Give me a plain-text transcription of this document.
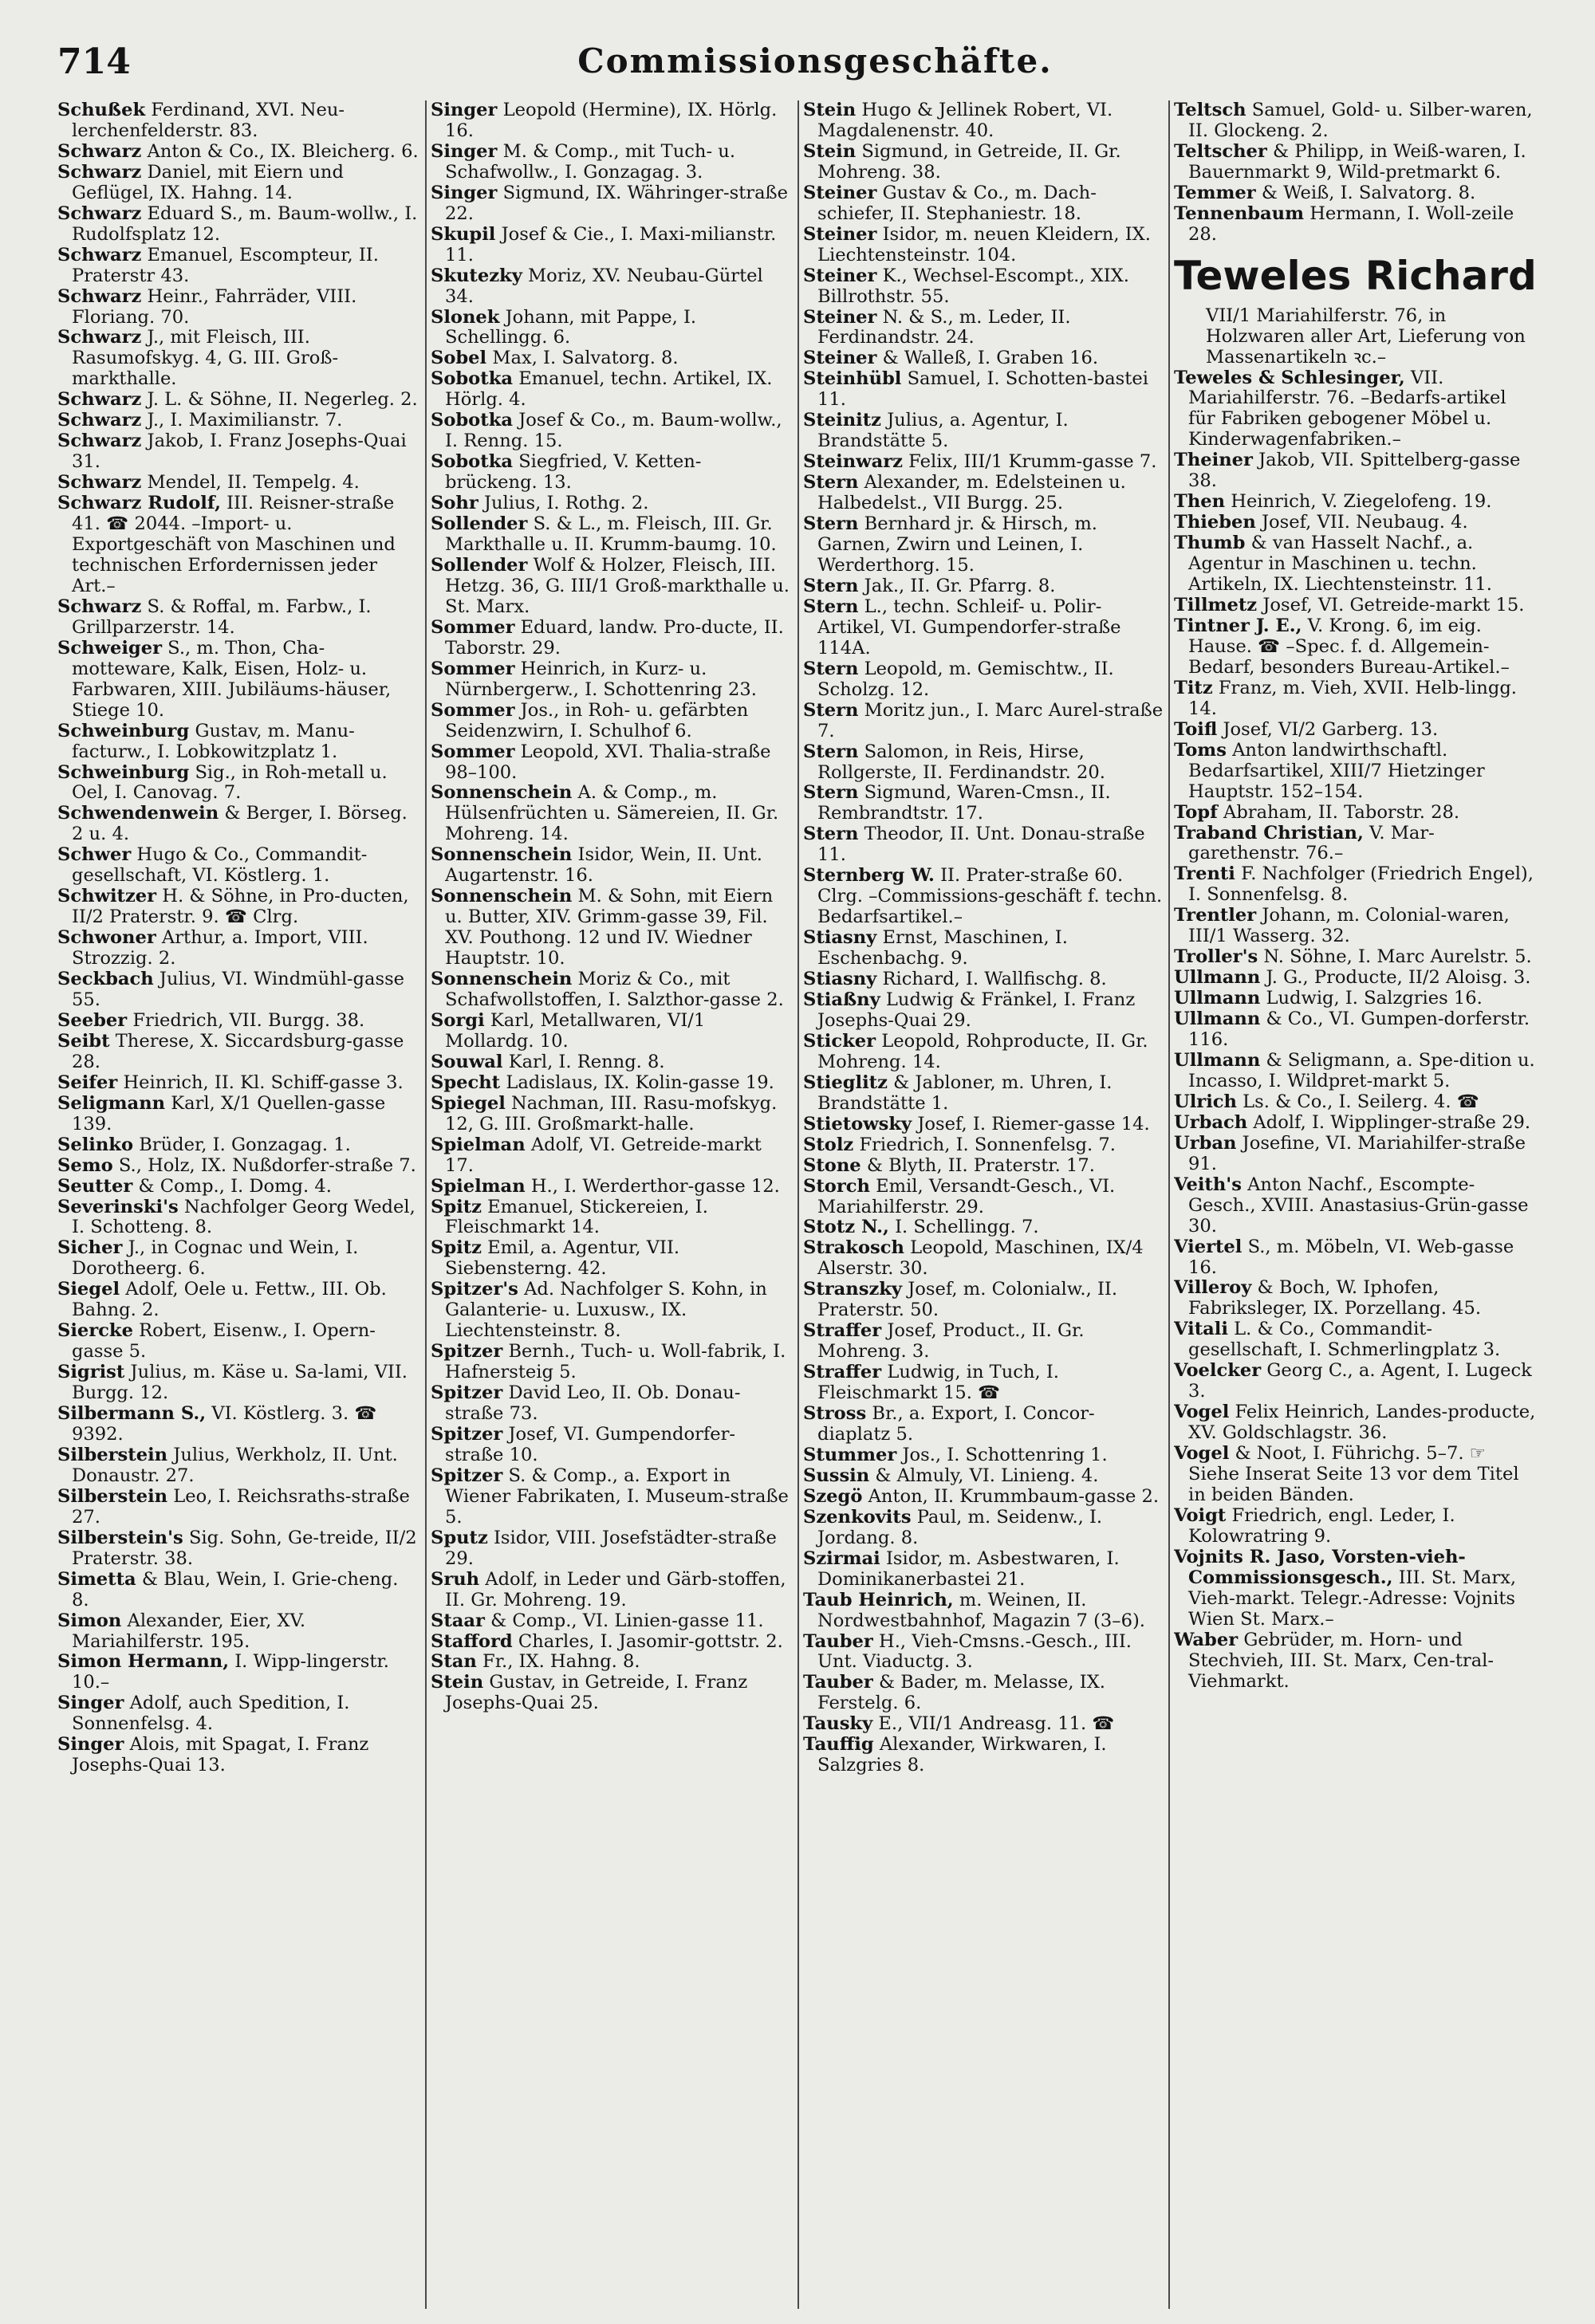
714	Commissionsgeschäfte.

Schußek Ferdinand, XVI. Neu-lerchenfelderstr. 83.

Schwarz Anton & Co., IX. Bleicherg. 6.

Schwarz Daniel, mit Eiern und Geflügel, IX. Hahng. 14.

Schwarz Eduard S., m. Baum-wollw., I. Rudolfsplatz 12.

Schwarz Emanuel, Escompteur, II. Praterstr 43.

Schwarz Heinr., Fahrräder, VIII. Floriang. 70.

Schwarz J., mit Fleisch, III. Rasumofskyg. 4, G. III. Groß-markthalle.

Schwarz J. L. & Söhne, II. Negerleg. 2.

Schwarz J., I. Maximilianstr. 7.

Schwarz Jakob, I. Franz Josephs-Quai 31.

Schwarz Mendel, II. Tempelg. 4.

Schwarz Rudolf, III. Reisner-straße 41. ☎ 2044. –Import- u. Exportgeschäft von Maschinen und technischen Erfordernissen jeder Art.–

Schwarz S. & Roffal, m. Farbw., I. Grillparzerstr. 14.

Schweiger S., m. Thon, Cha-motteware, Kalk, Eisen, Holz- u. Farbwaren, XIII. Jubiläums-häuser, Stiege 10.

Schweinburg Gustav, m. Manu-facturw., I. Lobkowitzplatz 1.

Schweinburg Sig., in Roh-metall u. Oel, I. Canovag. 7.

Schwendenwein & Berger, I. Börseg. 2 u. 4.

Schwer Hugo & Co., Commandit-gesellschaft, VI. Köstlerg. 1.

Schwitzer H. & Söhne, in Pro-ducten, II/2 Praterstr. 9. ☎ Clrg.

Schwoner Arthur, a. Import, VIII. Strozzig. 2.

Seckbach Julius, VI. Windmühl-gasse 55.

Seeber Friedrich, VII. Burgg. 38.

Seibt Therese, X. Siccardsburg-gasse 28.

Seifer Heinrich, II. Kl. Schiff-gasse 3.

Seligmann Karl, X/1 Quellen-gasse 139.

Selinko Brüder, I. Gonzagag. 1.

Semo S., Holz, IX. Nußdorfer-straße 7.

Seutter & Comp., I. Domg. 4.

Severinski's Nachfolger Georg Wedel, I. Schotteng. 8.

Sicher J., in Cognac und Wein, I. Dorotheerg. 6.

Siegel Adolf, Oele u. Fettw., III. Ob. Bahng. 2.

Siercke Robert, Eisenw., I. Opern-gasse 5.

Sigrist Julius, m. Käse u. Sa-lami, VII. Burgg. 12.

Silbermann S., VI. Köstlerg. 3. ☎ 9392.

Silberstein Julius, Werkholz, II. Unt. Donaustr. 27.

Silberstein Leo, I. Reichsraths-straße 27.

Silberstein's Sig. Sohn, Ge-treide, II/2 Praterstr. 38.

Simetta & Blau, Wein, I. Grie-cheng. 8.

Simon Alexander, Eier, XV. Mariahilferstr. 195.

Simon Hermann, I. Wipp-lingerstr. 10.–

Singer Adolf, auch Spedition, I. Sonnenfelsg. 4.

Singer Alois, mit Spagat, I. Franz Josephs-Quai 13.

Singer Leopold (Hermine), IX. Hörlg. 16.

Singer M. & Comp., mit Tuch- u. Schafwollw., I. Gonzagag. 3.

Singer Sigmund, IX. Währinger-straße 22.

Skupil Josef & Cie., I. Maxi-milianstr. 11.

Skutezky Moriz, XV. Neubau-Gürtel 34.

Slonek Johann, mit Pappe, I. Schellingg. 6.

Sobel Max, I. Salvatorg. 8.

Sobotka Emanuel, techn. Artikel, IX. Hörlg. 4.

Sobotka Josef & Co., m. Baum-wollw., I. Renng. 15.

Sobotka Siegfried, V. Ketten-brückeng. 13.

Sohr Julius, I. Rothg. 2.

Sollender S. & L., m. Fleisch, III. Gr. Markthalle u. II. Krumm-baumg. 10.

Sollender Wolf & Holzer, Fleisch, III. Hetzg. 36, G. III/1 Groß-markthalle u. St. Marx.

Sommer Eduard, landw. Pro-ducte, II. Taborstr. 29.

Sommer Heinrich, in Kurz- u. Nürnbergerw., I. Schottenring 23.

Sommer Jos., in Roh- u. gefärbten Seidenzwirn, I. Schulhof 6.

Sommer Leopold, XVI. Thalia-straße 98–100.

Sonnenschein A. & Comp., m. Hülsenfrüchten u. Sämereien, II. Gr. Mohreng. 14.

Sonnenschein Isidor, Wein, II. Unt. Augartenstr. 16.

Sonnenschein M. & Sohn, mit Eiern u. Butter, XIV. Grimm-gasse 39, Fil. XV. Pouthong. 12 und IV. Wiedner Hauptstr. 10.

Sonnenschein Moriz & Co., mit Schafwollstoffen, I. Salzthor-gasse 2.

Sorgi Karl, Metallwaren, VI/1 Mollardg. 10.

Souwal Karl, I. Renng. 8.

Specht Ladislaus, IX. Kolin-gasse 19.

Spiegel Nachman, III. Rasu-mofskyg. 12, G. III. Großmarkt-halle.

Spielman Adolf, VI. Getreide-markt 17.

Spielman H., I. Werderthor-gasse 12.

Spitz Emanuel, Stickereien, I. Fleischmarkt 14.

Spitz Emil, a. Agentur, VII. Siebensterng. 42.

Spitzer's Ad. Nachfolger S. Kohn, in Galanterie- u. Luxusw., IX. Liechtensteinstr. 8.

Spitzer Bernh., Tuch- u. Woll-fabrik, I. Hafnersteig 5.

Spitzer David Leo, II. Ob. Donau-straße 73.

Spitzer Josef, VI. Gumpendorfer-straße 10.

Spitzer S. & Comp., a. Export in Wiener Fabrikaten, I. Museum-straße 5.

Sputz Isidor, VIII. Josefstädter-straße 29.

Sruh Adolf, in Leder und Gärb-stoffen, II. Gr. Mohreng. 19.

Staar & Comp., VI. Linien-gasse 11.

Stafford Charles, I. Jasomir-gottstr. 2.

Stan Fr., IX. Hahng. 8.

Stein Gustav, in Getreide, I. Franz Josephs-Quai 25.

Stein Hugo & Jellinek Robert, VI. Magdalenenstr. 40.

Stein Sigmund, in Getreide, II. Gr. Mohreng. 38.

Steiner Gustav & Co., m. Dach-schiefer, II. Stephaniestr. 18.

Steiner Isidor, m. neuen Kleidern, IX. Liechtensteinstr. 104.

Steiner K., Wechsel-Escompt., XIX. Billrothstr. 55.

Steiner N. & S., m. Leder, II. Ferdinandstr. 24.

Steiner & Walleß, I. Graben 16.

Steinhübl Samuel, I. Schotten-bastei 11.

Steinitz Julius, a. Agentur, I. Brandstätte 5.

Steinwarz Felix, III/1 Krumm-gasse 7.

Stern Alexander, m. Edelsteinen u. Halbedelst., VII Burgg. 25.

Stern Bernhard jr. & Hirsch, m. Garnen, Zwirn und Leinen, I. Werderthorg. 15.

Stern Jak., II. Gr. Pfarrg. 8.

Stern L., techn. Schleif- u. Polir-Artikel, VI. Gumpendorfer-straße 114A.

Stern Leopold, m. Gemischtw., II. Scholzg. 12.

Stern Moritz jun., I. Marc Aurel-straße 7.

Stern Salomon, in Reis, Hirse, Rollgerste, II. Ferdinandstr. 20.

Stern Sigmund, Waren-Cmsn., II. Rembrandtstr. 17.

Stern Theodor, II. Unt. Donau-straße 11.

Sternberg W. II. Prater-straße 60. Clrg. –Commissions-geschäft f. techn. Bedarfsartikel.–

Stiasny Ernst, Maschinen, I. Eschenbachg. 9.

Stiasny Richard, I. Wallfischg. 8.

Stiaßny Ludwig & Fränkel, I. Franz Josephs-Quai 29.

Sticker Leopold, Rohproducte, II. Gr. Mohreng. 14.

Stieglitz & Jabloner, m. Uhren, I. Brandstätte 1.

Stietowsky Josef, I. Riemer-gasse 14.

Stolz Friedrich, I. Sonnenfelsg. 7.

Stone & Blyth, II. Praterstr. 17.

Storch Emil, Versandt-Gesch., VI. Mariahilferstr. 29.

Stotz N., I. Schellingg. 7.

Strakosch Leopold, Maschinen, IX/4 Alserstr. 30.

Stranszky Josef, m. Colonialw., II. Praterstr. 50.

Straffer Josef, Product., II. Gr. Mohreng. 3.

Straffer Ludwig, in Tuch, I. Fleischmarkt 15. ☎

Stross Br., a. Export, I. Concor-diaplatz 5.

Stummer Jos., I. Schottenring 1.

Sussin & Almuly, VI. Linieng. 4.

Szegö Anton, II. Krummbaum-gasse 2.

Szenkovits Paul, m. Seidenw., I. Jordang. 8.

Szirmai Isidor, m. Asbestwaren, I. Dominikanerbastei 21.

Taub Heinrich, m. Weinen, II. Nordwestbahnhof, Magazin 7 (3–6).

Tauber H., Vieh-Cmsns.-Gesch., III. Unt. Viaductg. 3.

Tauber & Bader, m. Melasse, IX. Ferstelg. 6.

Tausky E., VII/1 Andreasg. 11. ☎

Tauffig Alexander, Wirkwaren, I. Salzgries 8.

Teltsch Samuel, Gold- u. Silber-waren, II. Glockeng. 2.

Teltscher & Philipp, in Weiß-waren, I. Bauernmarkt 9, Wild-pretmarkt 6.

Temmer & Weiß, I. Salvatorg. 8.

Tennenbaum Hermann, I. Woll-zeile 28.

Teweles Richard

VII/1 Mariahilferstr. 76, in Holzwaren aller Art, Lieferung von Massenartikeln ꝛc.–

Teweles & Schlesinger, VII. Mariahilferstr. 76. –Bedarfs-artikel für Fabriken gebogener Möbel u. Kinderwagenfabriken.–

Theiner Jakob, VII. Spittelberg-gasse 38.

Then Heinrich, V. Ziegelofeng. 19.

Thieben Josef, VII. Neubaug. 4.

Thumb & van Hasselt Nachf., a. Agentur in Maschinen u. techn. Artikeln, IX. Liechtensteinstr. 11.

Tillmetz Josef, VI. Getreide-markt 15.

Tintner J. E., V. Krong. 6, im eig. Hause. ☎ –Spec. f. d. Allgemein-Bedarf, besonders Bureau-Artikel.–

Titz Franz, m. Vieh, XVII. Helb-lingg. 14.

Toifl Josef, VI/2 Garberg. 13.

Toms Anton landwirthschaftl. Bedarfsartikel, XIII/7 Hietzinger Hauptstr. 152–154.

Topf Abraham, II. Taborstr. 28.

Traband Christian, V. Mar-garethenstr. 76.–

Trenti F. Nachfolger (Friedrich Engel), I. Sonnenfelsg. 8.

Trentler Johann, m. Colonial-waren, III/1 Wasserg. 32.

Troller's N. Söhne, I. Marc Aurelstr. 5.

Ullmann J. G., Producte, II/2 Aloisg. 3.

Ullmann Ludwig, I. Salzgries 16.

Ullmann & Co., VI. Gumpen-dorferstr. 116.

Ullmann & Seligmann, a. Spe-dition u. Incasso, I. Wildpret-markt 5.

Ulrich Ls. & Co., I. Seilerg. 4. ☎

Urbach Adolf, I. Wipplinger-straße 29.

Urban Josefine, VI. Mariahilfer-straße 91.

Veith's Anton Nachf., Escompte-Gesch., XVIII. Anastasius-Grün-gasse 30.

Viertel S., m. Möbeln, VI. Web-gasse 16.

Villeroy & Boch, W. Iphofen, Fabriksleger, IX. Porzellang. 45.

Vitali L. & Co., Commandit-gesellschaft, I. Schmerlingplatz 3.

Voelcker Georg C., a. Agent, I. Lugeck 3.

Vogel Felix Heinrich, Landes-producte, XV. Goldschlagstr. 36.

Vogel & Noot, I. Führichg. 5–7. ☞ Siehe Inserat Seite 13 vor dem Titel in beiden Bänden.

Voigt Friedrich, engl. Leder, I. Kolowratring 9.

Vojnits R. Jaso, Vorsten-vieh-Commissionsgesch., III. St. Marx, Vieh-markt. Telegr.-Adresse: Vojnits Wien St. Marx.–

Waber Gebrüder, m. Horn- und Stechvieh, III. St. Marx, Cen-tral-Viehmarkt.
